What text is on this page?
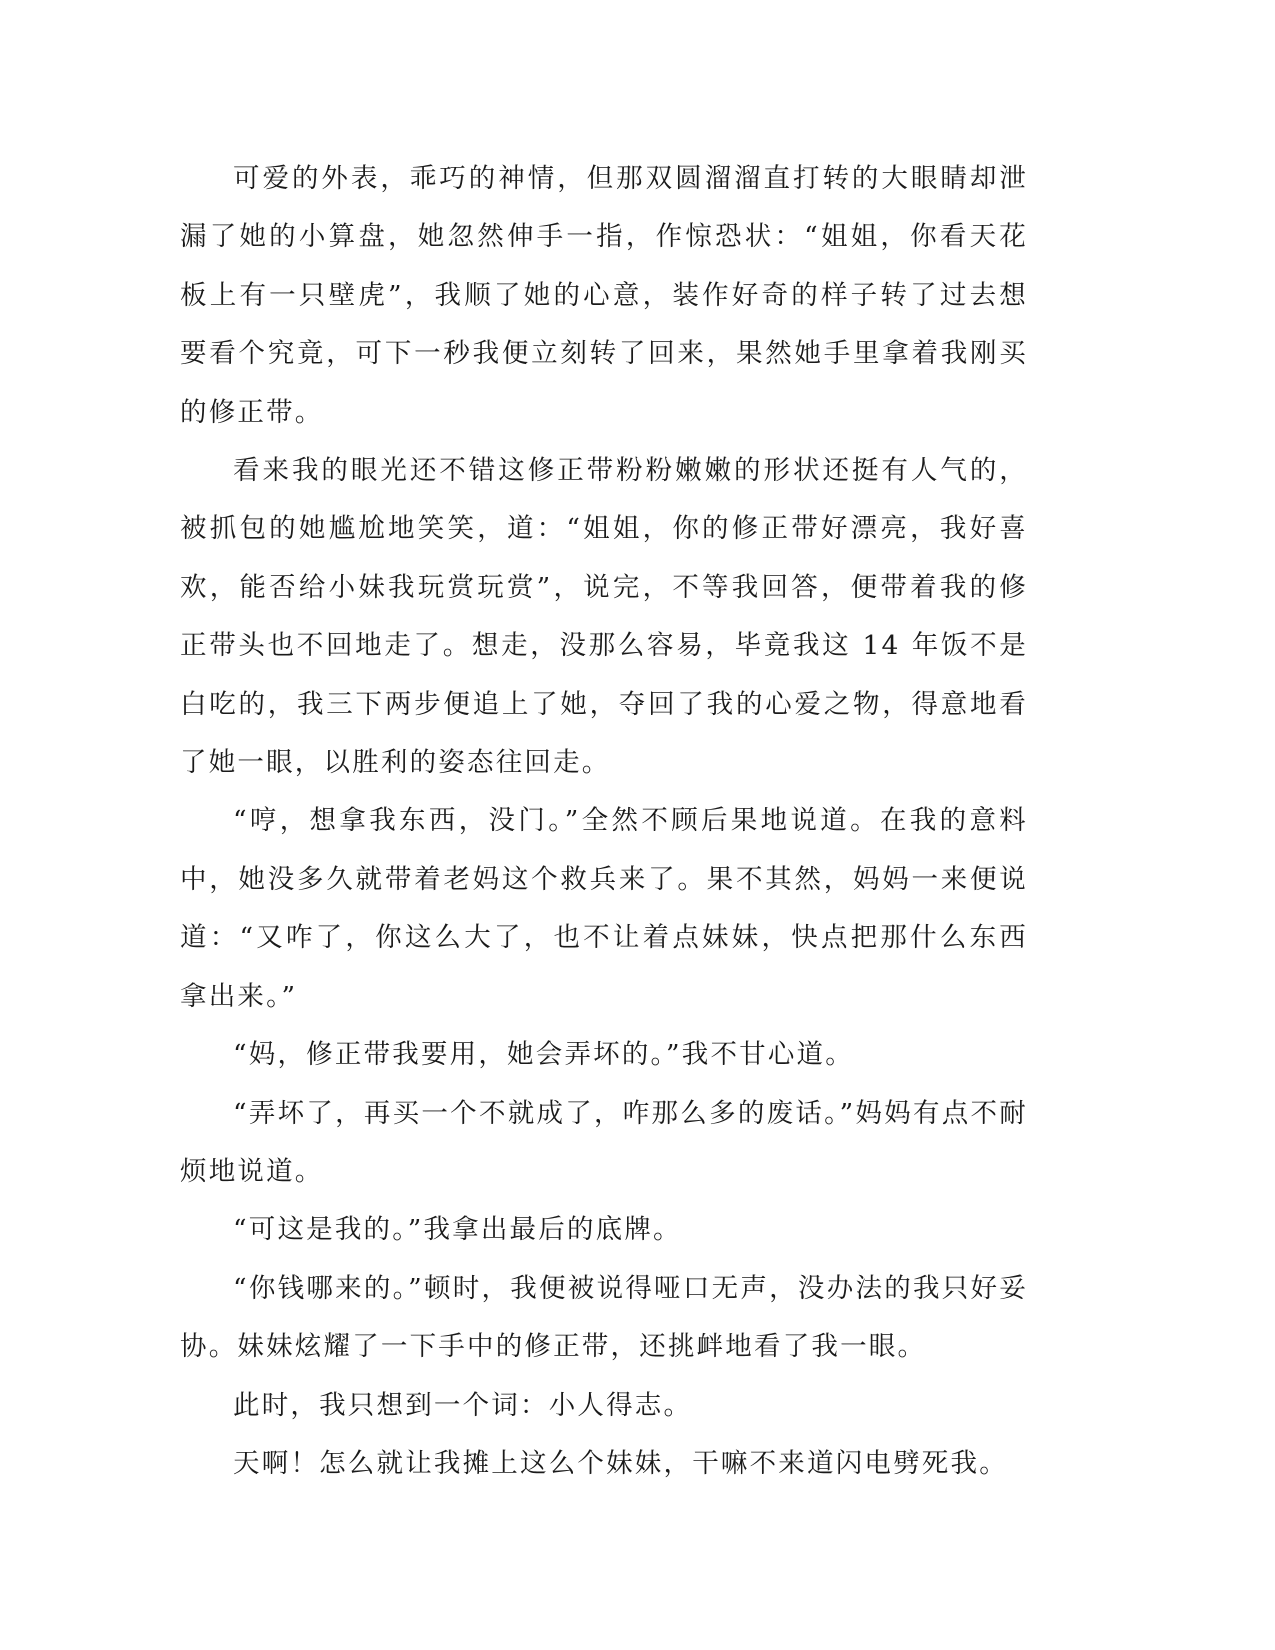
可爱的外表，乖巧的神情，但那双圆溜溜直打转的大眼睛却泄漏了她的小算盘，她忽然伸手一指，作惊恐状：“姐姐，你看天花板上有一只壁虎”，我顺了她的心意，装作好奇的样子转了过去想要看个究竟，可下一秒我便立刻转了回来，果然她手里拿着我刚买的修正带。

看来我的眼光还不错这修正带粉粉嫩嫩的形状还挺有人气的，被抓包的她尴尬地笑笑，道：“姐姐，你的修正带好漂亮，我好喜欢，能否给小妹我玩赏玩赏”，说完，不等我回答，便带着我的修正带头也不回地走了。想走，没那么容易，毕竟我这 14 年饭不是白吃的，我三下两步便追上了她，夺回了我的心爱之物，得意地看了她一眼，以胜利的姿态往回走。

“哼，想拿我东西，没门。”全然不顾后果地说道。在我的意料中，她没多久就带着老妈这个救兵来了。果不其然，妈妈一来便说道：“又咋了，你这么大了，也不让着点妹妹，快点把那什么东西拿出来。”

“妈，修正带我要用，她会弄坏的。”我不甘心道。

“弄坏了，再买一个不就成了，咋那么多的废话。”妈妈有点不耐烦地说道。

“可这是我的。”我拿出最后的底牌。

“你钱哪来的。”顿时，我便被说得哑口无声，没办法的我只好妥协。妹妹炫耀了一下手中的修正带，还挑衅地看了我一眼。

此时，我只想到一个词：小人得志。

天啊！怎么就让我摊上这么个妹妹，干嘛不来道闪电劈死我。
